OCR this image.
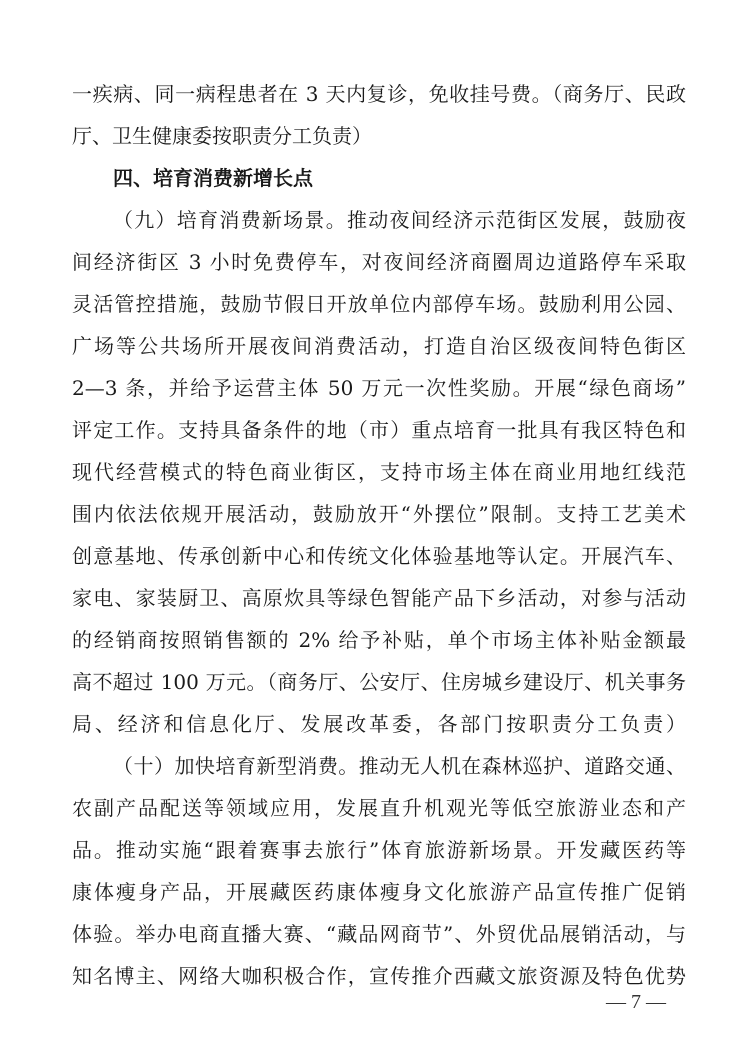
一疾病、同一病程患者在 3 天内复诊，免收挂号费。（商务厅、民政
厅、卫生健康委按职责分工负责）
四、培育消费新增长点
（九）培育消费新场景。推动夜间经济示范街区发展，鼓励夜
间经济街区 3 小时免费停车，对夜间经济商圈周边道路停车采取
灵活管控措施，鼓励节假日开放单位内部停车场。鼓励利用公园、
广场等公共场所开展夜间消费活动，打造自治区级夜间特色街区
2—3 条，并给予运营主体 50 万元一次性奖励。开展“绿色商场”
评定工作。支持具备条件的地（市）重点培育一批具有我区特色和
现代经营模式的特色商业街区，支持市场主体在商业用地红线范
围内依法依规开展活动，鼓励放开“外摆位”限制。支持工艺美术
创意基地、传承创新中心和传统文化体验基地等认定。开展汽车、
家电、家装厨卫、高原炊具等绿色智能产品下乡活动，对参与活动
的经销商按照销售额的 2% 给予补贴，单个市场主体补贴金额最
高不超过 100 万元。（商务厅、公安厅、住房城乡建设厅、机关事务
局、经济和信息化厅、发展改革委，各部门按职责分工负责）
（十）加快培育新型消费。推动无人机在森林巡护、道路交通、
农副产品配送等领域应用，发展直升机观光等低空旅游业态和产
品。推动实施“跟着赛事去旅行”体育旅游新场景。开发藏医药等
康体瘦身产品，开展藏医药康体瘦身文化旅游产品宣传推广促销
体验。举办电商直播大赛、“藏品网商节”、外贸优品展销活动，与
知名博主、网络大咖积极合作，宣传推介西藏文旅资源及特色优势
— 7 —
